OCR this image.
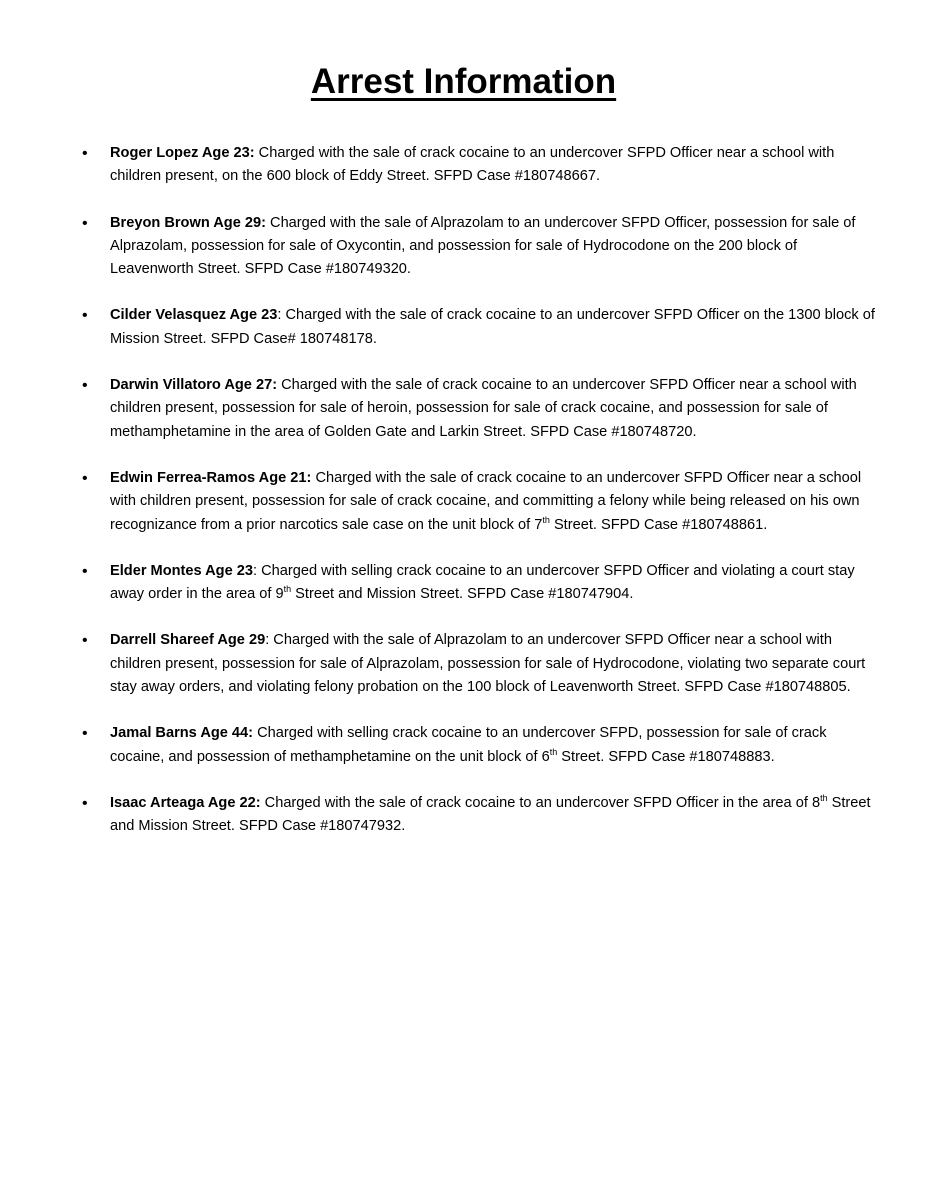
Arrest Information
• Roger Lopez Age 23: Charged with the sale of crack cocaine to an undercover SFPD Officer near a school with children present, on the 600 block of Eddy Street. SFPD Case #180748667.
• Breyon Brown Age 29: Charged with the sale of Alprazolam to an undercover SFPD Officer, possession for sale of Alprazolam, possession for sale of Oxycontin, and possession for sale of Hydrocodone on the 200 block of Leavenworth Street. SFPD Case #180749320.
• Cilder Velasquez Age 23: Charged with the sale of crack cocaine to an undercover SFPD Officer on the 1300 block of Mission Street. SFPD Case# 180748178.
• Darwin Villatoro Age 27: Charged with the sale of crack cocaine to an undercover SFPD Officer near a school with children present, possession for sale of heroin, possession for sale of crack cocaine, and possession for sale of methamphetamine in the area of Golden Gate and Larkin Street. SFPD Case #180748720.
• Edwin Ferrea-Ramos Age 21: Charged with the sale of crack cocaine to an undercover SFPD Officer near a school with children present, possession for sale of crack cocaine, and committing a felony while being released on his own recognizance from a prior narcotics sale case on the unit block of 7th Street. SFPD Case #180748861.
• Elder Montes Age 23: Charged with selling crack cocaine to an undercover SFPD Officer and violating a court stay away order in the area of 9th Street and Mission Street. SFPD Case #180747904.
• Darrell Shareef Age 29: Charged with the sale of Alprazolam to an undercover SFPD Officer near a school with children present, possession for sale of Alprazolam, possession for sale of Hydrocodone, violating two separate court stay away orders, and violating felony probation on the 100 block of Leavenworth Street. SFPD Case #180748805.
• Jamal Barns Age 44: Charged with selling crack cocaine to an undercover SFPD, possession for sale of crack cocaine, and possession of methamphetamine on the unit block of 6th Street. SFPD Case #180748883.
• Isaac Arteaga Age 22: Charged with the sale of crack cocaine to an undercover SFPD Officer in the area of 8th Street and Mission Street. SFPD Case #180747932.
